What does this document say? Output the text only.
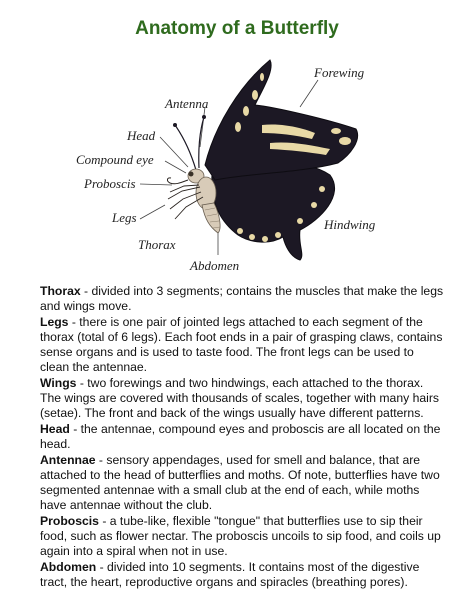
Anatomy of a Butterfly
Forewing
Antenna
Head
Compound eye
Proboscis
Legs
Thorax
Abdomen
Hindwing

Thorax - divided into 3 segments; contains the muscles that make the legs and wings move.

Legs - there is one pair of jointed legs attached to each segment of the thorax (total of 6 legs). Each foot ends in a pair of grasping claws, contains sense organs and is used to taste food. The front legs can be used to clean the antennae.

Wings - two forewings and two hindwings, each attached to the thorax. The wings are covered with thousands of scales, together with many hairs (setae). The front and back of the wings usually have different patterns.

Head - the antennae, compound eyes and proboscis are all located on the head.

Antennae - sensory appendages, used for smell and balance, that are attached to the head of butterflies and moths. Of note, butterflies have two segmented antennae with a small club at the end of each, while moths have antennae without the club.

Proboscis - a tube-like, flexible "tongue" that butterflies use to sip their food, such as flower nectar. The proboscis uncoils to sip food, and coils up again into a spiral when not in use.

Abdomen - divided into 10 segments. It contains most of the digestive tract, the heart, reproductive organs and spiracles (breathing pores).
